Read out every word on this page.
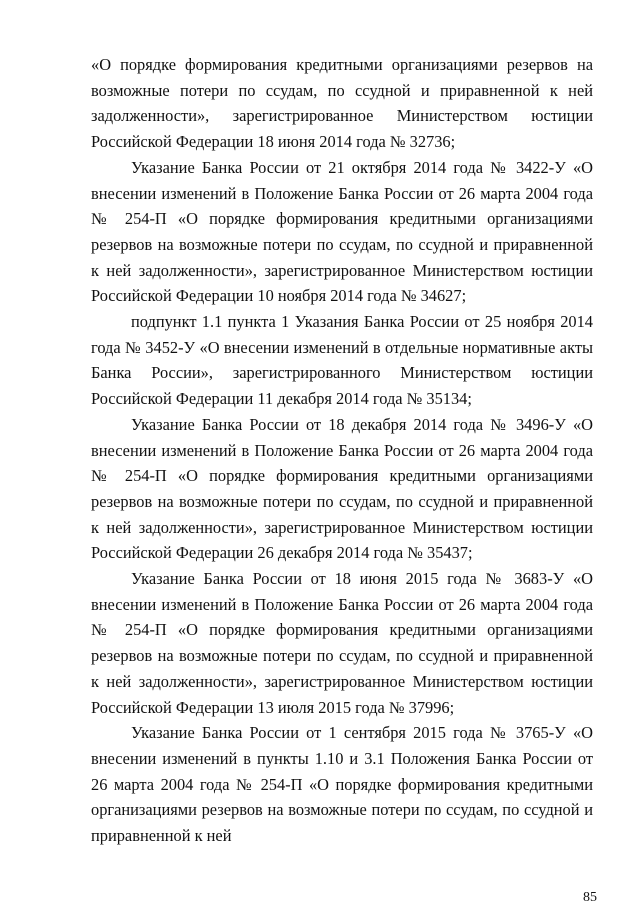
«О порядке формирования кредитными организациями резервов на возможные потери по ссудам, по ссудной и приравненной к ней задолженности», зарегистрированное Министерством юстиции Российской Федерации 18 июня 2014 года № 32736;

Указание Банка России от 21 октября 2014 года № 3422-У «О внесении изменений в Положение Банка России от 26 марта 2004 года № 254-П «О порядке формирования кредитными организациями резервов на возможные потери по ссудам, по ссудной и приравненной к ней задолженности», зарегистрированное Министерством юстиции Российской Федерации 10 ноября 2014 года № 34627;

подпункт 1.1 пункта 1 Указания Банка России от 25 ноября 2014 года № 3452-У «О внесении изменений в отдельные нормативные акты Банка России», зарегистрированного Министерством юстиции Российской Федерации 11 декабря 2014 года № 35134;

Указание Банка России от 18 декабря 2014 года № 3496-У «О внесении изменений в Положение Банка России от 26 марта 2004 года № 254-П «О порядке формирования кредитными организациями резервов на возможные потери по ссудам, по ссудной и приравненной к ней задолженности», зарегистрированное Министерством юстиции Российской Федерации 26 декабря 2014 года № 35437;

Указание Банка России от 18 июня 2015 года № 3683-У «О внесении изменений в Положение Банка России от 26 марта 2004 года № 254-П «О порядке формирования кредитными организациями резервов на возможные потери по ссудам, по ссудной и приравненной к ней задолженности», зарегистрированное Министерством юстиции Российской Федерации 13 июля 2015 года № 37996;

Указание Банка России от 1 сентября 2015 года № 3765-У «О внесении изменений в пункты 1.10 и 3.1 Положения Банка России от 26 марта 2004 года № 254-П «О порядке формирования кредитными организациями резервов на возможные потери по ссудам, по ссудной и приравненной к ней

85
